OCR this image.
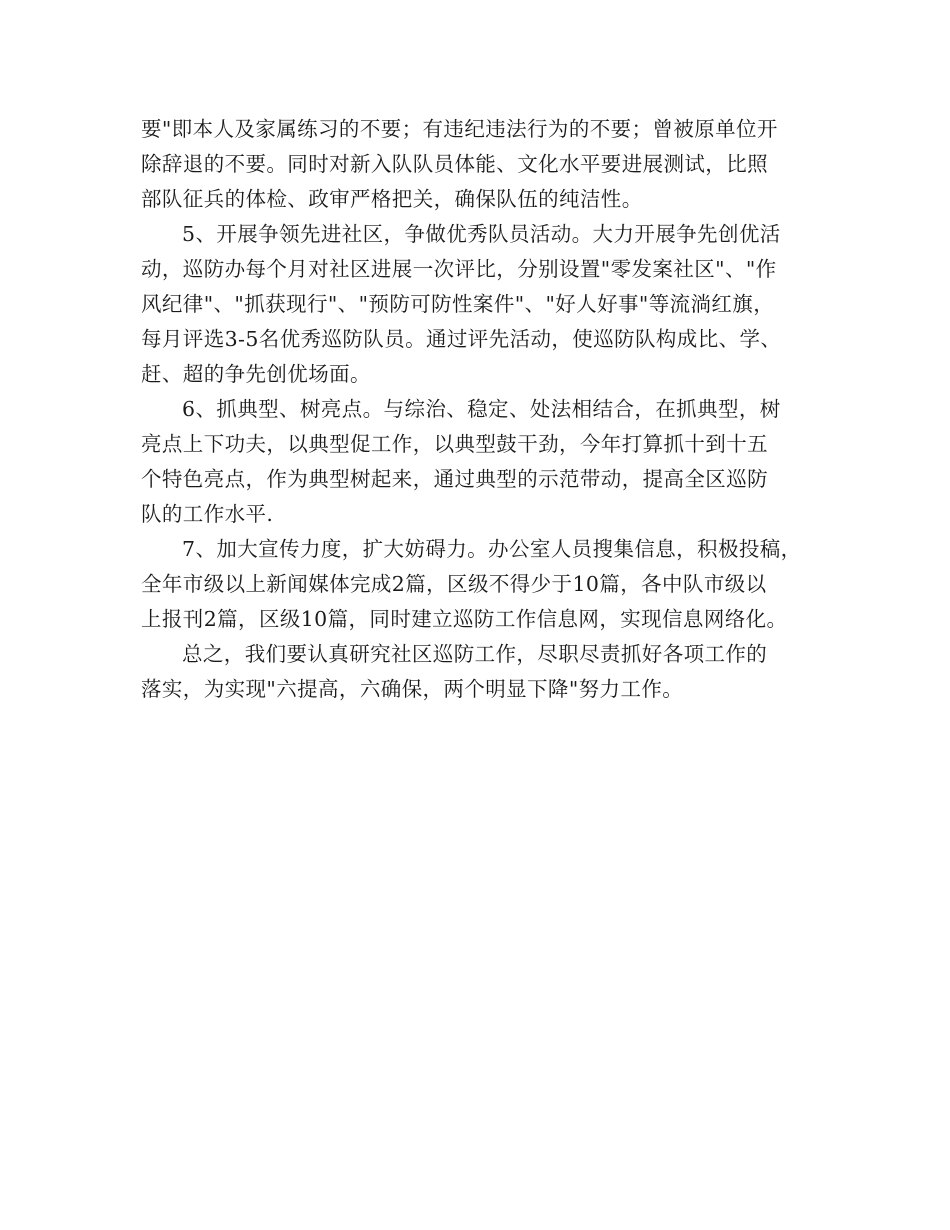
要"即本人及家属练习的不要；有违纪违法行为的不要；曾被原单位开
除辞退的不要。同时对新入队队员体能、文化水平要进展测试，比照
部队征兵的体检、政审严格把关，确保队伍的纯洁性。
5、开展争领先进社区，争做优秀队员活动。大力开展争先创优活
动，巡防办每个月对社区进展一次评比，分别设置"零发案社区"、"作
风纪律"、"抓获现行"、"预防可防性案件"、"好人好事"等流淌红旗，
每月评选3-5名优秀巡防队员。通过评先活动，使巡防队构成比、学、
赶、超的争先创优场面。
6、抓典型、树亮点。与综治、稳定、处法相结合，在抓典型，树
亮点上下功夫，以典型促工作，以典型鼓干劲，今年打算抓十到十五
个特色亮点，作为典型树起来，通过典型的示范带动，提高全区巡防
队的工作水平.
7、加大宣传力度，扩大妨碍力。办公室人员搜集信息，积极投稿，
全年市级以上新闻媒体完成2篇，区级不得少于10篇，各中队市级以
上报刊2篇，区级10篇，同时建立巡防工作信息网，实现信息网络化。
总之，我们要认真研究社区巡防工作，尽职尽责抓好各项工作的
落实，为实现"六提高，六确保，两个明显下降"努力工作。
